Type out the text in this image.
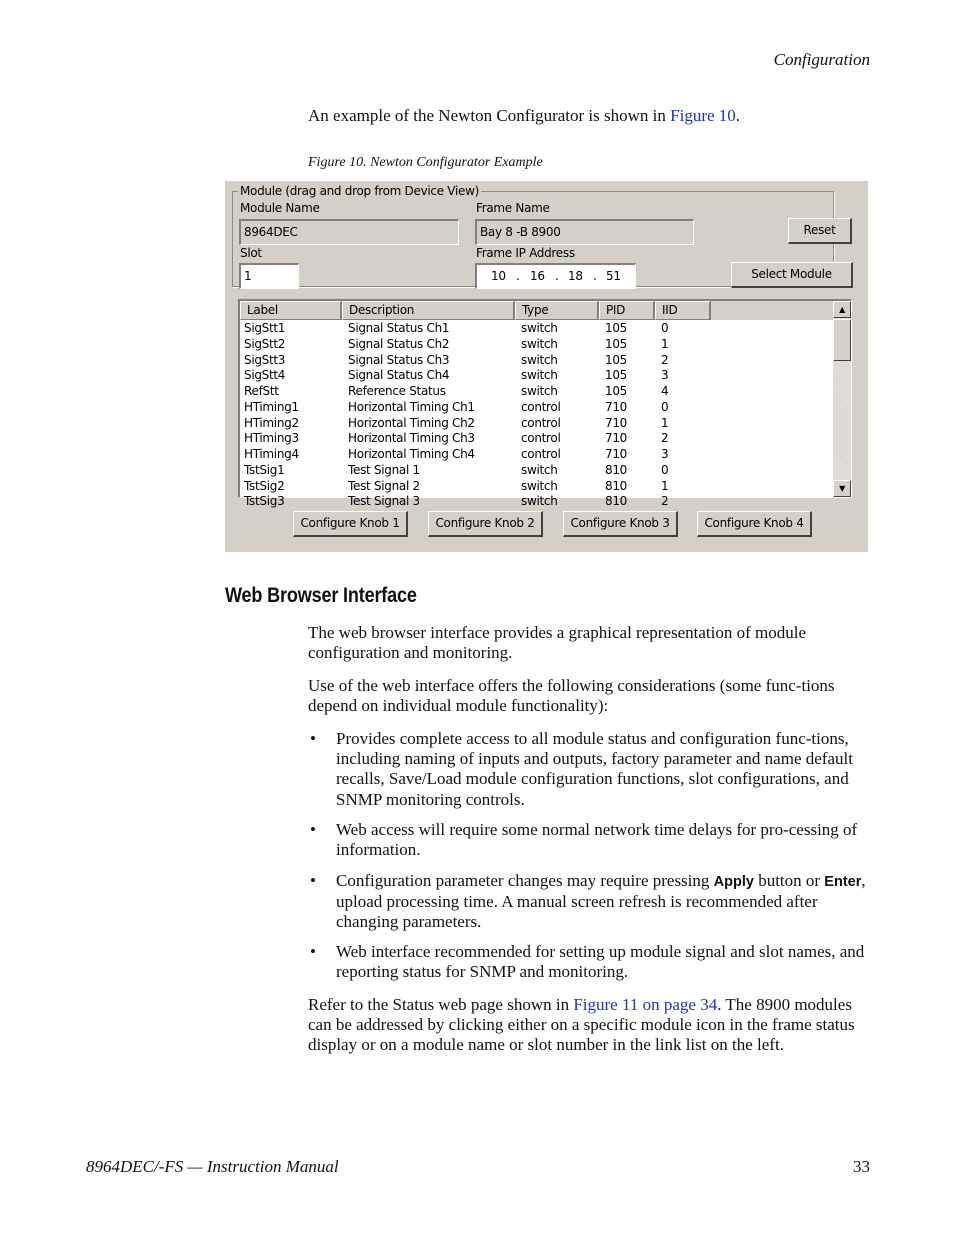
Configuration
An example of the Newton Configurator is shown in Figure 10.
Figure 10. Newton Configurator Example
Module (drag and drop from Device View)
Module Name
8964DEC
Frame Name
Bay 8 -B 8900	Reset
Slot
1
Frame IP Address
10 . 16 . 18 . 51	Select Module
Label	Description	Type	PID	IID
SigStt1	Signal Status Ch1	switch	105	0
SigStt2	Signal Status Ch2	switch	105	1
SigStt3	Signal Status Ch3	switch	105	2
SigStt4	Signal Status Ch4	switch	105	3
RefStt	Reference Status	switch	105	4
HTiming1	Horizontal Timing Ch1	control	710	0
HTiming2	Horizontal Timing Ch2	control	710	1
HTiming3	Horizontal Timing Ch3	control	710	2
HTiming4	Horizontal Timing Ch4	control	710	3
TstSig1	Test Signal 1	switch	810	0
TstSig2	Test Signal 2	switch	810	1
TstSig3	Test Signal 3	switch	810	2
▲
▼
Configure Knob 1	Configure Knob 2	Configure Knob 3	Configure Knob 4
Web Browser Interface
The web browser interface provides a graphical representation of module configuration and monitoring.
Use of the web interface offers the following considerations (some func-tions depend on individual module functionality):
• Provides complete access to all module status and configuration func-tions, including naming of inputs and outputs, factory parameter and name default recalls, Save/Load module configuration functions, slot configurations, and SNMP monitoring controls.
• Web access will require some normal network time delays for pro-cessing of information.
• Configuration parameter changes may require pressing Apply button or Enter, upload processing time. A manual screen refresh is recommended after changing parameters.
• Web interface recommended for setting up module signal and slot names, and reporting status for SNMP and monitoring.
Refer to the Status web page shown in Figure 11 on page 34. The 8900 modules can be addressed by clicking either on a specific module icon in the frame status display or on a module name or slot number in the link list on the left.
8964DEC/-FS — Instruction Manual	33
